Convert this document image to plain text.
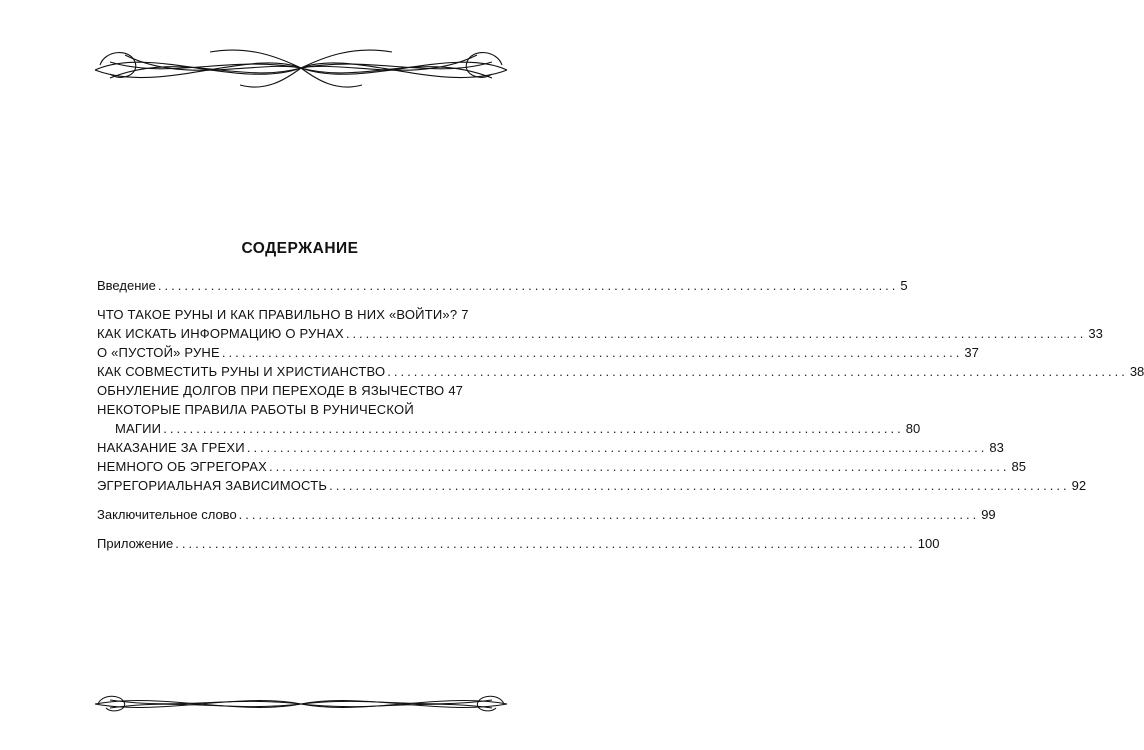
СОДЕРЖАНИЕ
Введение .....	5
ЧТО ТАКОЕ РУНЫ И КАК ПРАВИЛЬНО В НИХ «ВОЙТИ»? 7
КАК ИСКАТЬ ИНФОРМАЦИЮ О РУНАХ .....	33
О «ПУСТОЙ» РУНЕ .....	37
КАК СОВМЕСТИТЬ РУНЫ И ХРИСТИАНСТВО .....	38
ОБНУЛЕНИЕ ДОЛГОВ ПРИ ПЕРЕХОДЕ В ЯЗЫЧЕСТВО 47
НЕКОТОРЫЕ ПРАВИЛА РАБОТЫ В РУНИЧЕСКОЙ
МАГИИ ................................................................................................................ 80
НАКАЗАНИЕ ЗА ГРЕХИ .....	83
НЕМНОГО ОБ ЭГРЕГОРАХ .....	85
ЭГРЕГОРИАЛЬНАЯ ЗАВИСИМОСТЬ .....	92
Заключительное слово .....	99
Приложение .....	100
